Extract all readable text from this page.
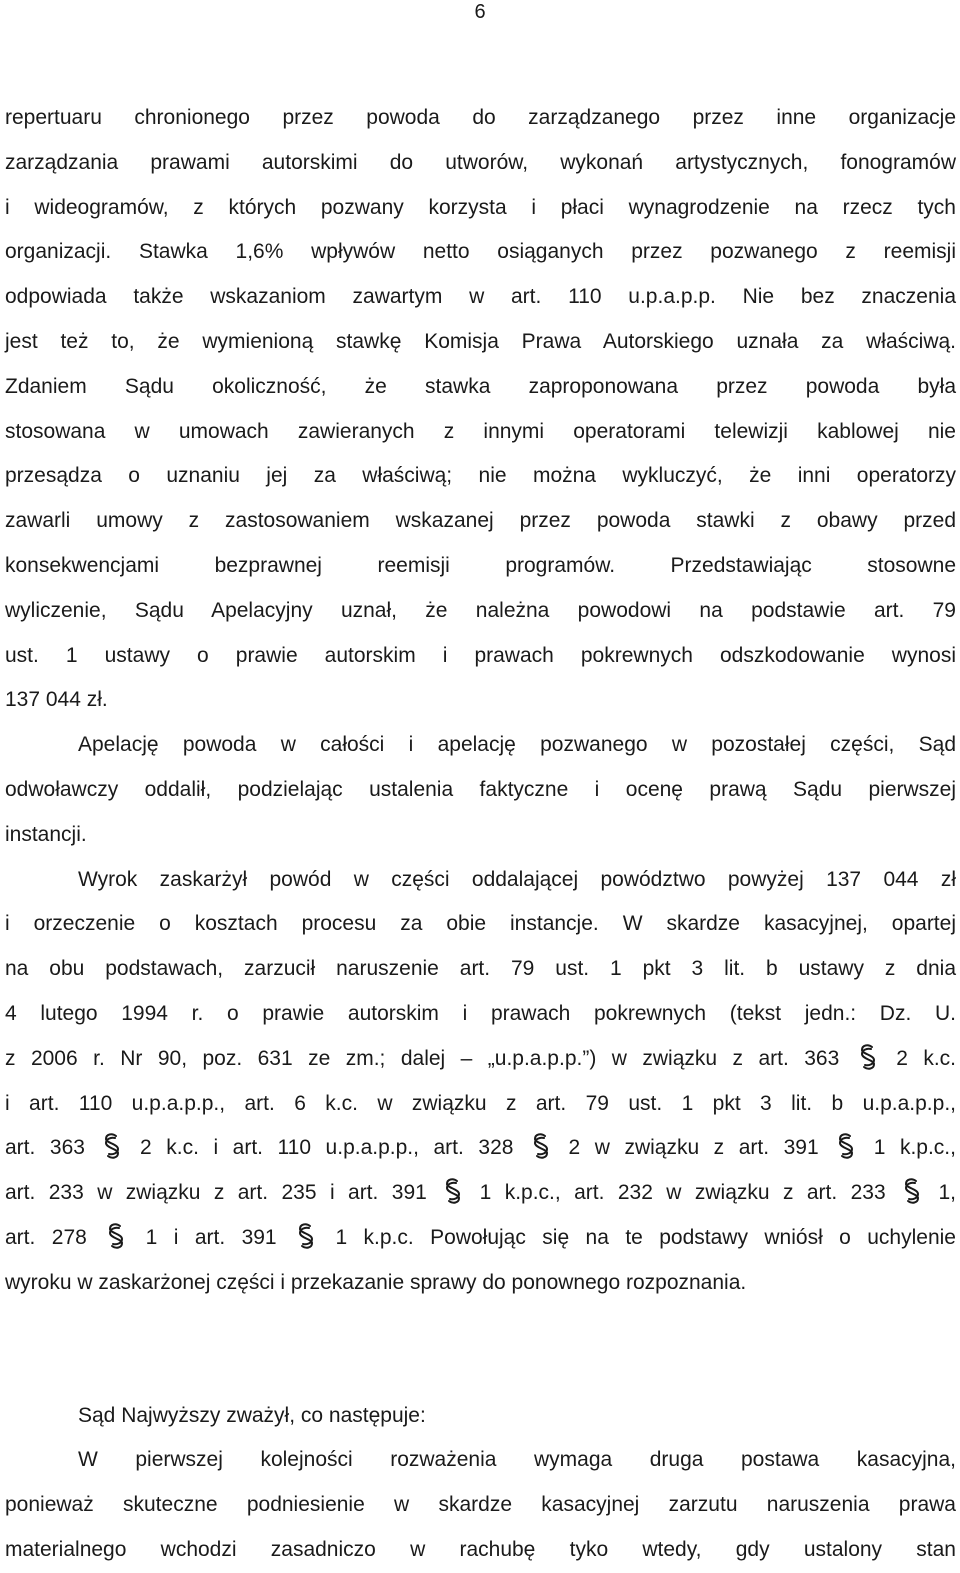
6
repertuaru chronionego przez powoda do zarządzanego przez inne organizacje
zarządzania prawami autorskimi do utworów, wykonań artystycznych, fonogramów
i wideogramów, z których pozwany korzysta i płaci wynagrodzenie na rzecz tych
organizacji. Stawka 1,6% wpływów netto osiąganych przez pozwanego z reemisji
odpowiada także wskazaniom zawartym w art. 110 u.p.a.p.p. Nie bez znaczenia
jest też to, że wymienioną stawkę Komisja Prawa Autorskiego uznała za właściwą.
Zdaniem Sądu okoliczność, że stawka zaproponowana przez powoda była
stosowana w umowach zawieranych z innymi operatorami telewizji kablowej nie
przesądza o uznaniu jej za właściwą; nie można wykluczyć, że inni operatorzy
zawarli umowy z zastosowaniem wskazanej przez powoda stawki z obawy przed
konsekwencjami bezprawnej reemisji programów. Przedstawiając stosowne
wyliczenie, Sądu Apelacyjny uznał, że należna powodowi na podstawie art. 79
ust. 1 ustawy o prawie autorskim i prawach pokrewnych odszkodowanie wynosi
137 044 zł.
Apelację powoda w całości i apelację pozwanego w pozostałej części, Sąd
odwoławczy oddalił, podzielając ustalenia faktyczne i ocenę prawą Sądu pierwszej
instancji.
Wyrok zaskarżył powód w części oddalającej powództwo powyżej 137 044 zł
i orzeczenie o kosztach procesu za obie instancje. W skardze kasacyjnej, opartej
na obu podstawach, zarzucił naruszenie art. 79 ust. 1 pkt 3 lit. b ustawy z dnia
4 lutego 1994 r. o prawie autorskim i prawach pokrewnych (tekst jedn.: Dz. U.
z 2006 r. Nr 90, poz. 631 ze zm.; dalej – „u.p.a.p.p.”) w związku z art. 363  2 k.c.
i art. 110 u.p.a.p.p., art. 6 k.c. w związku z art. 79 ust. 1 pkt 3 lit. b u.p.a.p.p.,
art. 363  2 k.c. i art. 110 u.p.a.p.p., art. 328  2 w związku z art. 391  1 k.p.c.,
art. 233 w związku z art. 235 i art. 391  1 k.p.c., art. 232 w związku z art. 233  1,
art. 278  1 i art. 391  1 k.p.c. Powołując się na te podstawy wniósł o uchylenie
wyroku w zaskarżonej części i przekazanie sprawy do ponownego rozpoznania.
Sąd Najwyższy zważył, co następuje:
W pierwszej kolejności rozważenia wymaga druga postawa kasacyjna,
ponieważ skuteczne podniesienie w skardze kasacyjnej zarzutu naruszenia prawa
materialnego wchodzi zasadniczo w rachubę tyko wtedy, gdy ustalony stan
